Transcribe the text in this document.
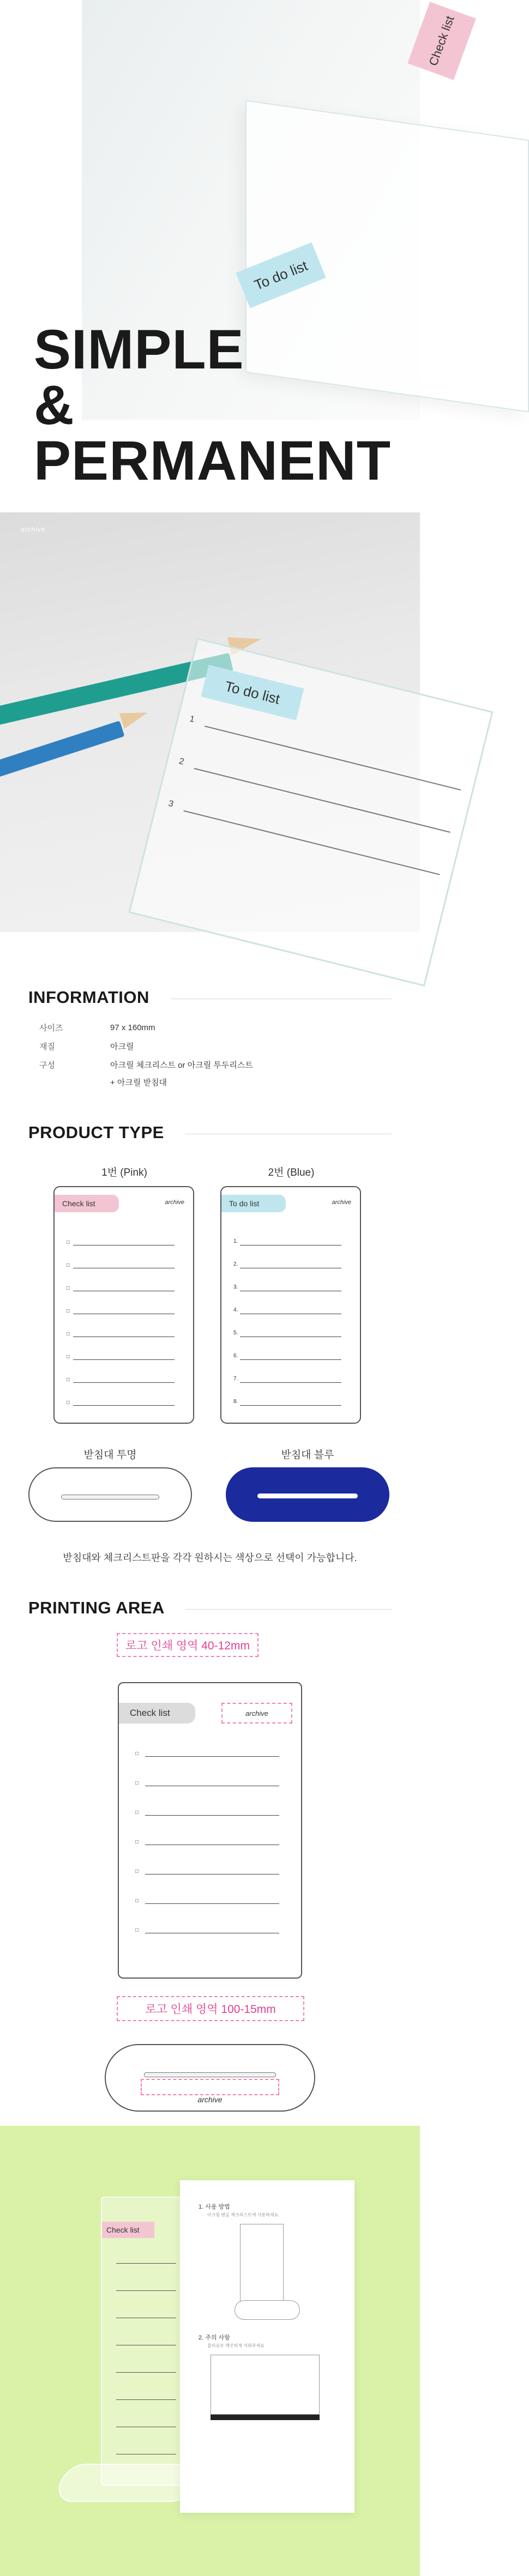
To do list
Check list
SIMPLE
&
PERMANENT
archive
To do list
1
2
3
INFORMATION
사이즈	97 x 160mm
재질	아크릴
구성	아크릴 체크리스트 or 아크릴 투두리스트
+ 아크릴 받침대
PRODUCT TYPE
1번 (Pink)	2번 (Blue)
Check list	archive
□
□
□
□
□
□
□
□
To do list	archive
1.
2.
3.
4.
5.
6.
7.
8.
받침대 투명	받침대 블루
받침대와 체크리스트판을 각각 원하시는 색상으로 선택이 가능합니다.
PRINTING AREA
로고 인쇄 영역 40-12mm
Check list	archive
□
□
□
□
□
□
□
로고 인쇄 영역 100-15mm
archive
Check list
1. 사용 방법
아크릴 펜을 체크리스트에 사용하세요
2. 주의 사항
물티슈로 깨끗하게 지워주세요
